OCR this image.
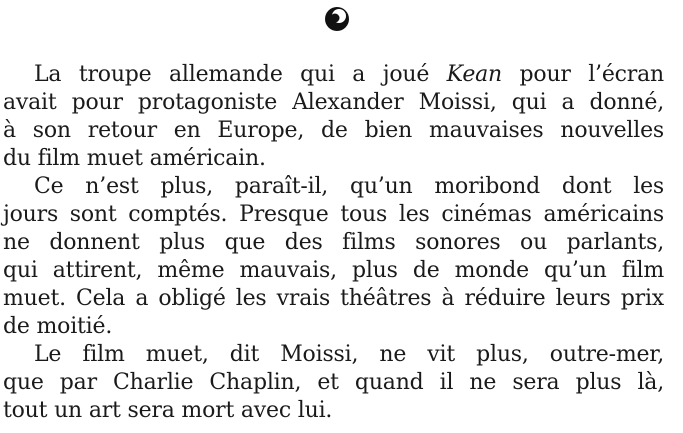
La troupe allemande qui a joué Kean pour l’écran
avait pour protagoniste Alexander Moissi, qui a donné,
à son retour en Europe, de bien mauvaises nouvelles
du film muet américain.
Ce n’est plus, paraît-il, qu’un moribond dont les
jours sont comptés. Presque tous les cinémas américains
ne donnent plus que des films sonores ou parlants,
qui attirent, même mauvais, plus de monde qu’un film
muet. Cela a obligé les vrais théâtres à réduire leurs prix
de moitié.
Le film muet, dit Moissi, ne vit plus, outre-mer,
que par Charlie Chaplin, et quand il ne sera plus là,
tout un art sera mort avec lui.
